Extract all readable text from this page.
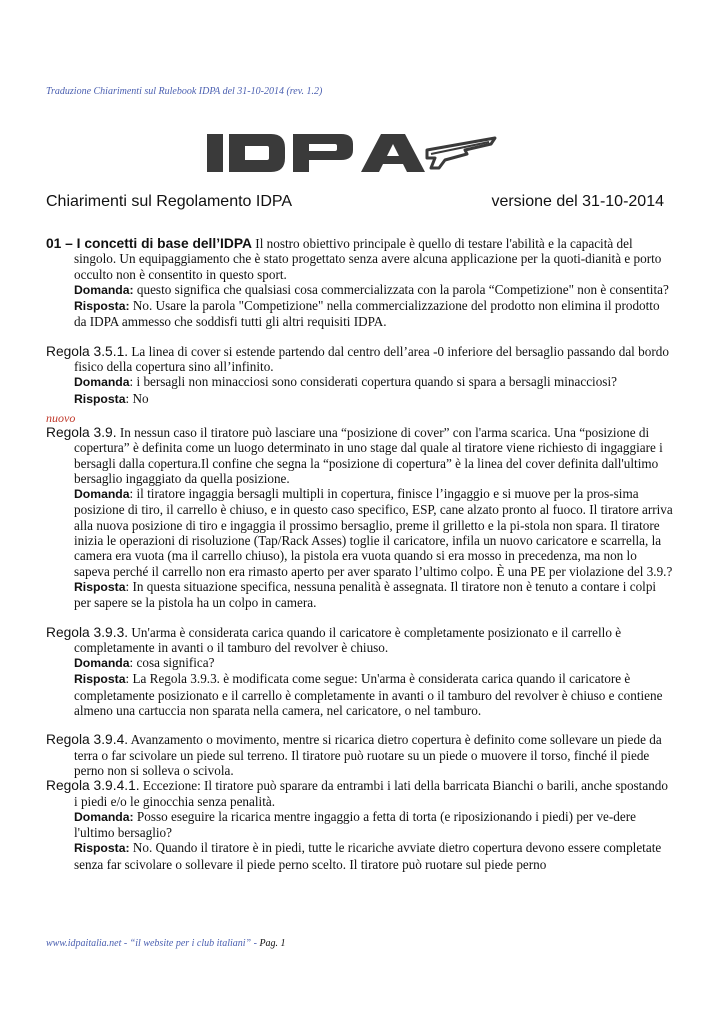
Traduzione Chiarimenti sul Rulebook IDPA del 31-10-2014 (rev. 1.2)
Chiarimenti sul Regolamento IDPA	versione del 31-10-2014

01 – I concetti di base dell’IDPA Il nostro obiettivo principale è quello di testare l'abilità e la capacità del singolo. Un equipaggiamento che è stato progettato senza avere alcuna applicazione per la quoti-dianità e porto occulto non è consentito in questo sport.

Domanda: questo significa che qualsiasi cosa commercializzata con la parola “Competizione" non è consentita?

Risposta: No. Usare la parola "Competizione" nella commercializzazione del prodotto non elimina il prodotto da IDPA ammesso che soddisfi tutti gli altri requisiti IDPA.

Regola 3.5.1. La linea di cover si estende partendo dal centro dell’area -0 inferiore del bersaglio passando dal bordo fisico della copertura sino all’infinito.

Domanda: i bersagli non minacciosi sono considerati copertura quando si spara a bersagli minacciosi?

Risposta: No

nuovo

Regola 3.9. In nessun caso il tiratore può lasciare una “posizione di cover” con l'arma scarica. Una “posizione di copertura” è definita come un luogo determinato in uno stage dal quale al tiratore viene richiesto di ingaggiare i bersagli dalla copertura.Il confine che segna la “posizione di copertura” è la linea del cover definita dall'ultimo bersaglio ingaggiato da quella posizione.

Domanda: il tiratore ingaggia bersagli multipli in copertura, finisce l’ingaggio e si muove per la pros-sima posizione di tiro, il carrello è chiuso, e in questo caso specifico, ESP, cane alzato pronto al fuoco. Il tiratore arriva alla nuova posizione di tiro e ingaggia il prossimo bersaglio, preme il grilletto e la pi-stola non spara. Il tiratore inizia le operazioni di risoluzione (Tap/Rack Asses) toglie il caricatore, infila un nuovo caricatore e scarrella, la camera era vuota (ma il carrello chiuso), la pistola era vuota quando si era mosso in precedenza, ma non lo sapeva perché il carrello non era rimasto aperto per aver sparato l’ultimo colpo. È una PE per violazione del 3.9.?

Risposta: In questa situazione specifica, nessuna penalità è assegnata. Il tiratore non è tenuto a contare i colpi per sapere se la pistola ha un colpo in camera.

Regola 3.9.3. Un'arma è considerata carica quando il caricatore è completamente posizionato e il carrello è completamente in avanti o il tamburo del revolver è chiuso.

Domanda: cosa significa?

Risposta: La Regola 3.9.3. è modificata come segue: Un'arma è considerata carica quando il caricatore è completamente posizionato e il carrello è completamente in avanti o il tamburo del revolver è chiuso e contiene almeno una cartuccia non sparata nella camera, nel caricatore, o nel tamburo.

Regola 3.9.4. Avanzamento o movimento, mentre si ricarica dietro copertura è definito come sollevare un piede da terra o far scivolare un piede sul terreno. Il tiratore può ruotare su un piede o muovere il torso, finché il piede perno non si solleva o scivola.

Regola 3.9.4.1. Eccezione: Il tiratore può sparare da entrambi i lati della barricata Bianchi o barili, anche spostando i piedi e/o le ginocchia senza penalità.

Domanda: Posso eseguire la ricarica mentre ingaggio a fetta di torta (e riposizionando i piedi) per ve-dere l'ultimo bersaglio?

Risposta: No. Quando il tiratore è in piedi, tutte le ricariche avviate dietro copertura devono essere completate senza far scivolare o sollevare il piede perno scelto. Il tiratore può ruotare sul piede perno

www.idpaitalia.net - “il website per i club italiani” - Pag. 1
